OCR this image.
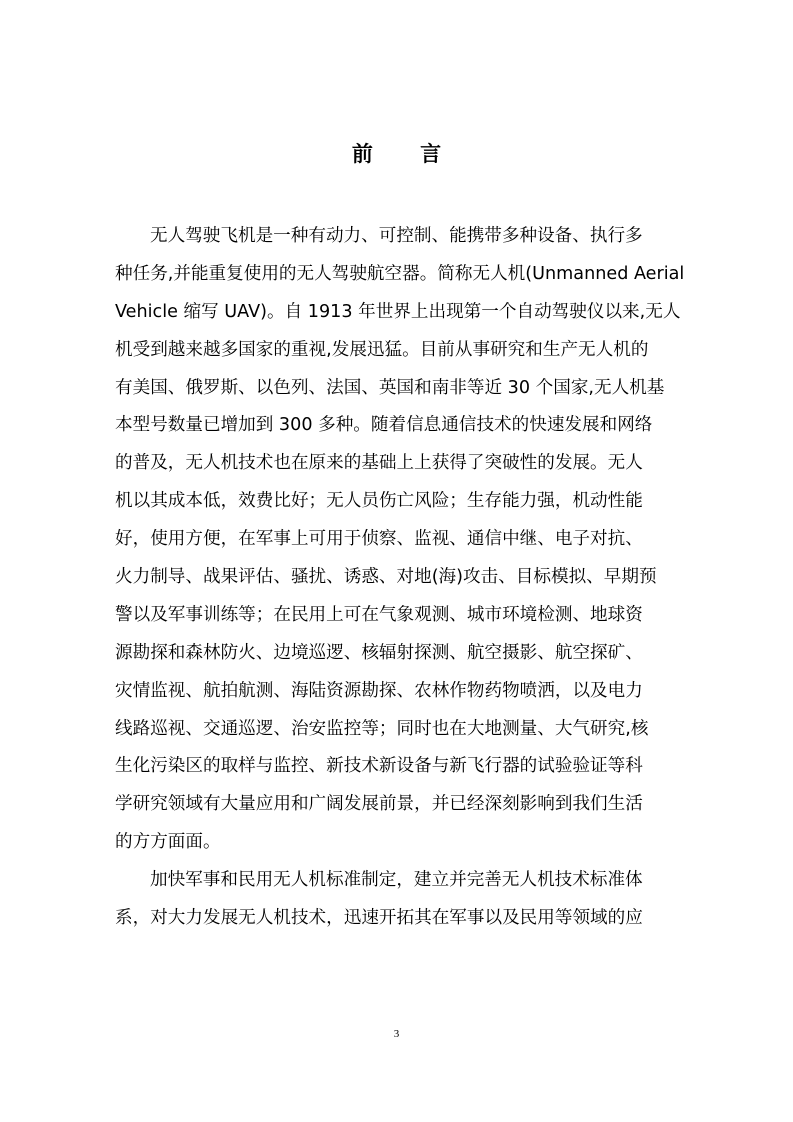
前 言
无人驾驶飞机是一种有动力、可控制、能携带多种设备、执行多
种任务,并能重复使用的无人驾驶航空器。简称无人机(Unmanned Aerial
Vehicle 缩写 UAV)。自 1913 年世界上出现第一个自动驾驶仪以来,无人
机受到越来越多国家的重视,发展迅猛。目前从事研究和生产无人机的
有美国、俄罗斯、以色列、法国、英国和南非等近 30 个国家,无人机基
本型号数量已增加到 300 多种。随着信息通信技术的快速发展和网络
的普及，无人机技术也在原来的基础上上获得了突破性的发展。无人
机以其成本低，效费比好；无人员伤亡风险；生存能力强，机动性能
好，使用方便，在军事上可用于侦察、监视、通信中继、电子对抗、
火力制导、战果评估、骚扰、诱惑、对地(海)攻击、目标模拟、早期预
警以及军事训练等；在民用上可在气象观测、城市环境检测、地球资
源勘探和森林防火、边境巡逻、核辐射探测、航空摄影、航空探矿、
灾情监视、航拍航测、海陆资源勘探、农林作物药物喷洒，以及电力
线路巡视、交通巡逻、治安监控等；同时也在大地测量、大气研究,核
生化污染区的取样与监控、新技术新设备与新飞行器的试验验证等科
学研究领域有大量应用和广阔发展前景，并已经深刻影响到我们生活
的方方面面。
加快军事和民用无人机标准制定，建立并完善无人机技术标准体
系，对大力发展无人机技术，迅速开拓其在军事以及民用等领域的应
3
